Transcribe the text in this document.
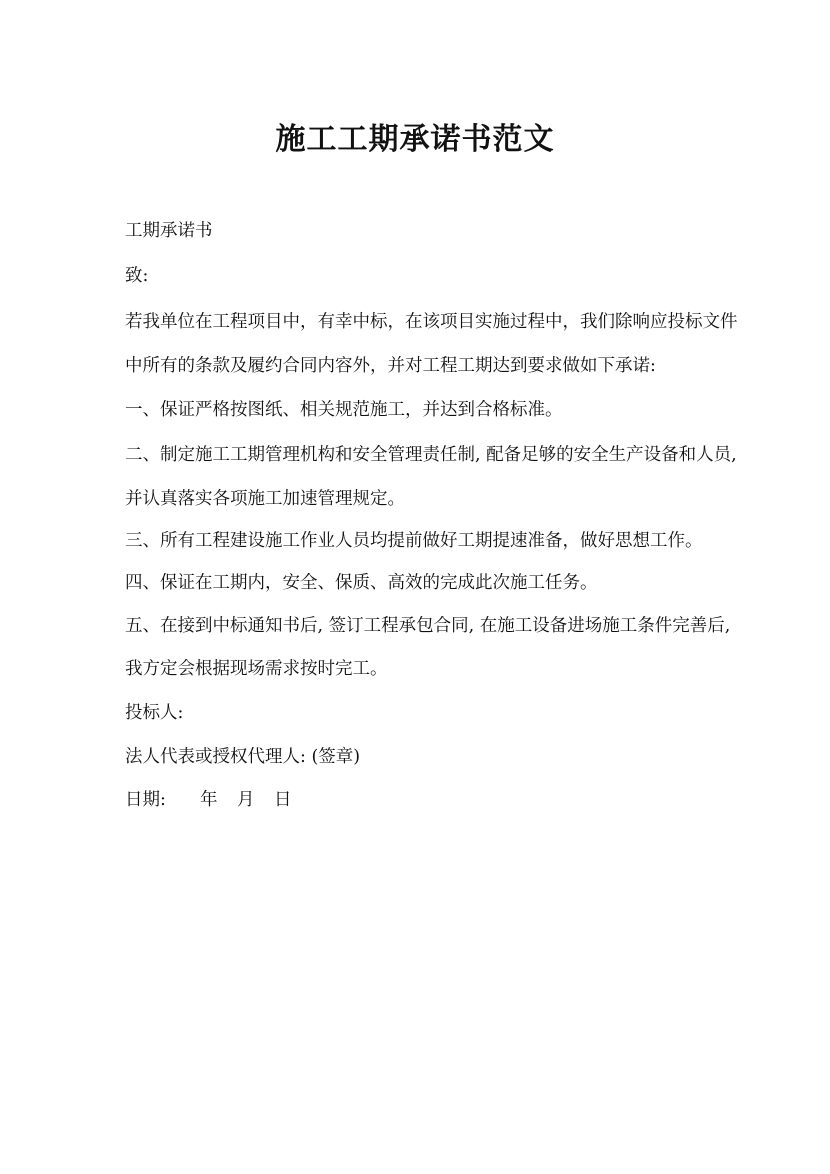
施工工期承诺书范文
工期承诺书
致:
若我单位在工程项目中，有幸中标，在该项目实施过程中，我们除响应投标文件
中所有的条款及履约合同内容外，并对工程工期达到要求做如下承诺:
一、保证严格按图纸、相关规范施工，并达到合格标准。
二、制定施工工期管理机构和安全管理责任制, 配备足够的安全生产设备和人员,
并认真落实各项施工加速管理规定。
三、所有工程建设施工作业人员均提前做好工期提速准备，做好思想工作。
四、保证在工期内，安全、保质、高效的完成此次施工任务。
五、在接到中标通知书后, 签订工程承包合同, 在施工设备进场施工条件完善后,
我方定会根据现场需求按时完工。
投标人:
法人代表或授权代理人: (签章)
日期: 年 月 日
